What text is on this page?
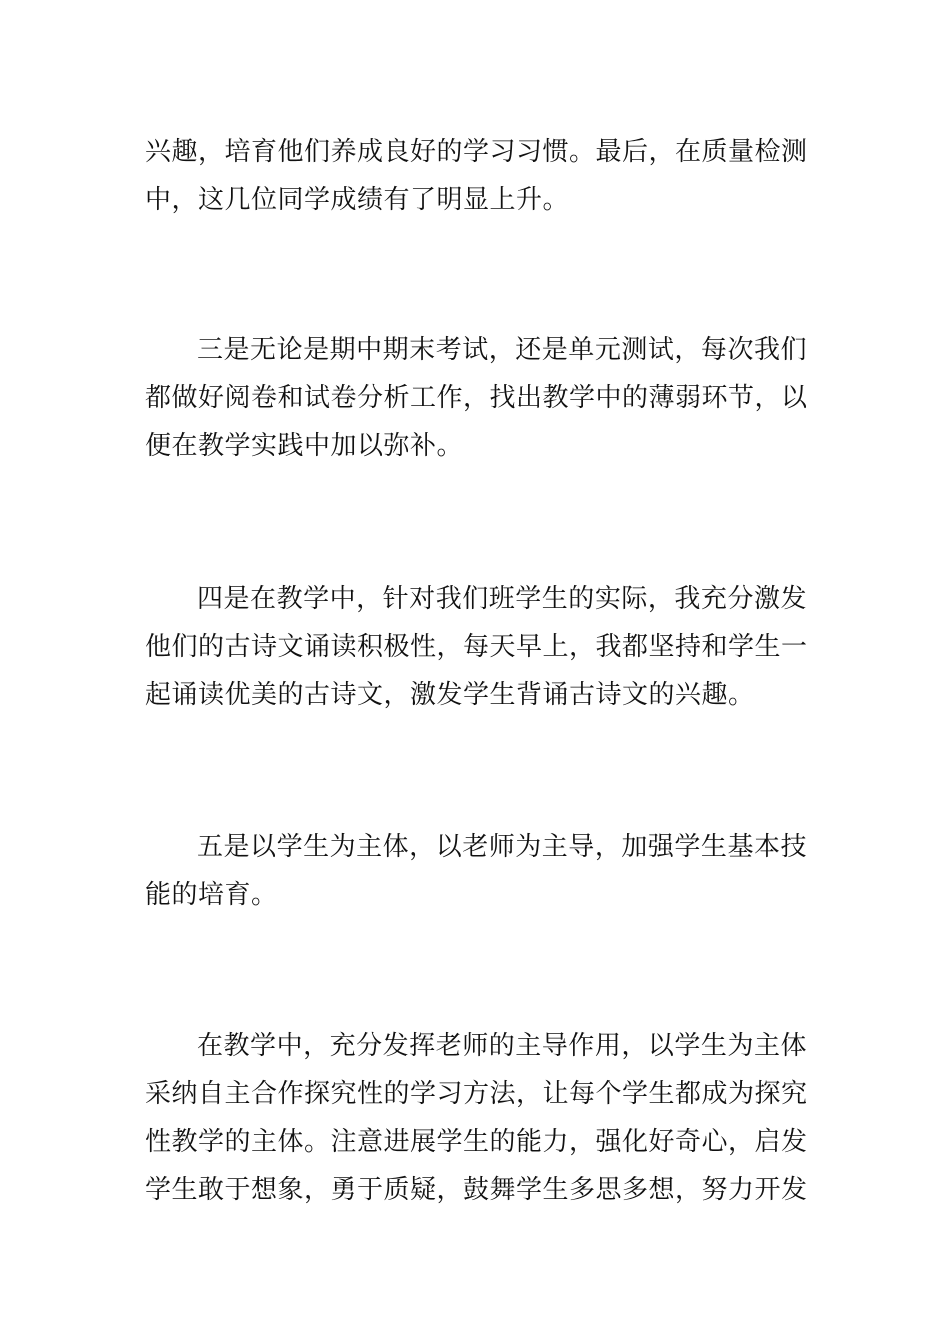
兴趣，培育他们养成良好的学习习惯。最后，在质量检测
中，这几位同学成绩有了明显上升。
三是无论是期中期末考试，还是单元测试，每次我们
都做好阅卷和试卷分析工作，找出教学中的薄弱环节，以
便在教学实践中加以弥补。
四是在教学中，针对我们班学生的实际，我充分激发
他们的古诗文诵读积极性，每天早上，我都坚持和学生一
起诵读优美的古诗文，激发学生背诵古诗文的兴趣。
五是以学生为主体，以老师为主导，加强学生基本技
能的培育。
在教学中，充分发挥老师的主导作用，以学生为主体
采纳自主合作探究性的学习方法，让每个学生都成为探究
性教学的主体。注意进展学生的能力，强化好奇心，启发
学生敢于想象，勇于质疑，鼓舞学生多思多想，努力开发
